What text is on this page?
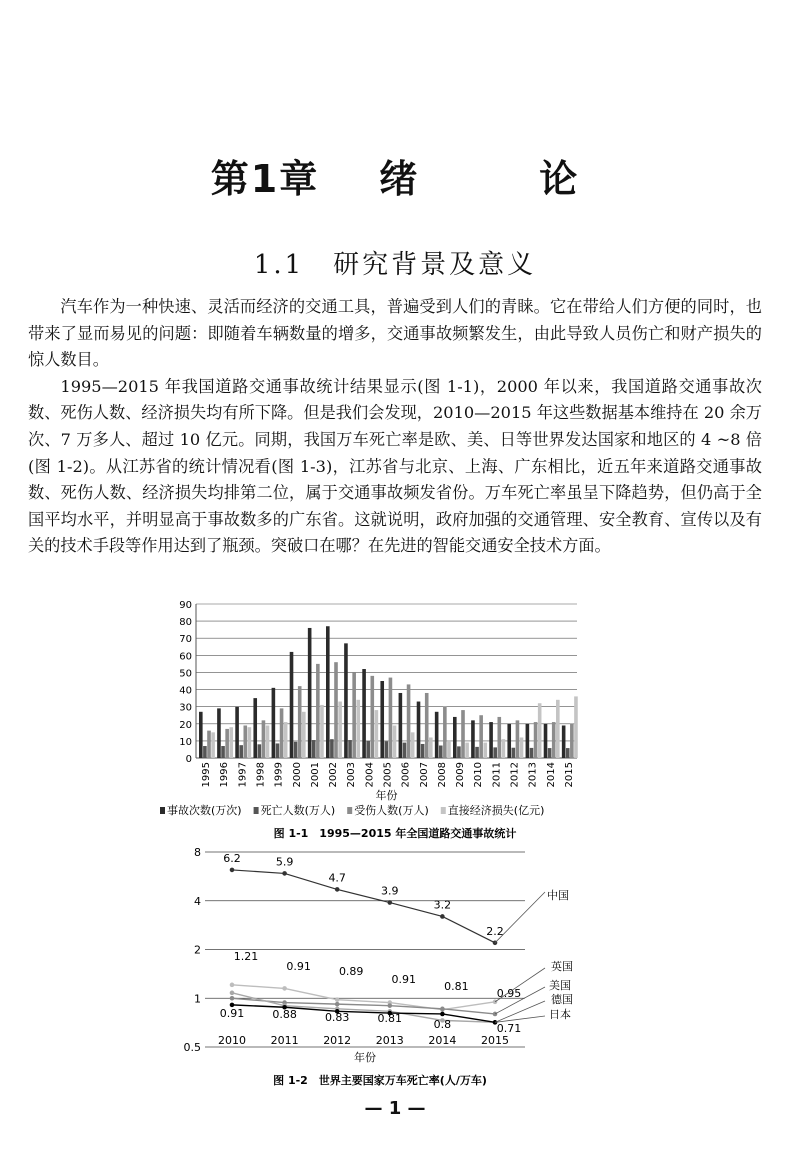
第1章 绪	论
1.1　研究背景及意义

汽车作为一种快速、灵活而经济的交通工具，普遍受到人们的青睐。它在带给人们方便的同时，也带来了显而易见的问题：即随着车辆数量的增多，交通事故频繁发生，由此导致人员伤亡和财产损失的惊人数目。

1995—2015 年我国道路交通事故统计结果显示(图 1-1)，2000 年以来，我国道路交通事故次数、死伤人数、经济损失均有所下降。但是我们会发现，2010—2015 年这些数据基本维持在 20 余万次、7 万多人、超过 10 亿元。同期，我国万车死亡率是欧、美、日等世界发达国家和地区的 4 ~8 倍(图 1-2)。从江苏省的统计情况看(图 1-3)，江苏省与北京、上海、广东相比，近五年来道路交通事故数、死伤人数、经济损失均排第二位，属于交通事故频发省份。万车死亡率虽呈下降趋势，但仍高于全国平均水平，并明显高于事故数多的广东省。这就说明，政府加强的交通管理、安全教育、宣传以及有关的技术手段等作用达到了瓶颈。突破口在哪？在先进的智能交通安全技术方面。

0
10
20
30
40
50
60
70
80
90
1995 1996 1997 1998 1999 2000 2001 2002 2003 2004 2005 2006 2007 2008 2009 2010 2011 2012 2013 2014 2015
年份
事故次数(万次) 死亡人数(万人) 受伤人数(万人) 直接经济损失(亿元)
图 1-1　1995—2015 年全国道路交通事故统计
0.5
1
2
4
8
2010 2011 2012 2013 2014 2015
年份
6.2	5.9
4.7
3.9
3.2
2.2
1.21
0.91	0.89
0.91
0.81
0.95
0.91	0.88	0.83	0.81	0.8	0.71
中国
英国
美国
德国
日本
图 1-2　世界主要国家万车死亡率(人/万车)
— 1 —
